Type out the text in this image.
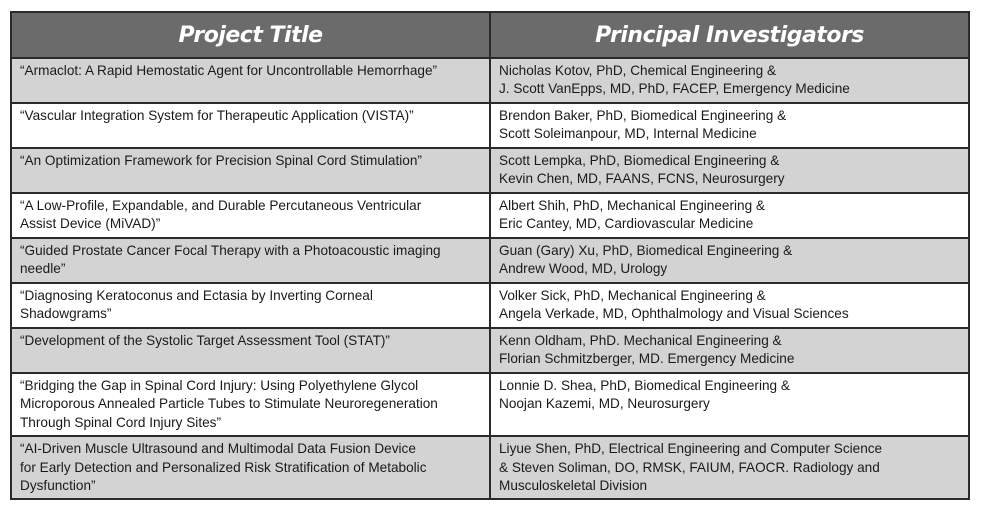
Project Title	Principal Investigators

“Armaclot: A Rapid Hemostatic Agent for Uncontrollable Hemorrhage”	Nicholas Kotov, PhD, Chemical Engineering &
J. Scott VanEpps, MD, PhD, FACEP, Emergency Medicine

“Vascular Integration System for Therapeutic Application (VISTA)”	Brendon Baker, PhD, Biomedical Engineering &
Scott Soleimanpour, MD, Internal Medicine

“An Optimization Framework for Precision Spinal Cord Stimulation”	Scott Lempka, PhD, Biomedical Engineering &
Kevin Chen, MD, FAANS, FCNS, Neurosurgery

“A Low-Profile, Expandable, and Durable Percutaneous Ventricular
Assist Device (MiVAD)”	Albert Shih, PhD, Mechanical Engineering &
Eric Cantey, MD, Cardiovascular Medicine

“Guided Prostate Cancer Focal Therapy with a Photoacoustic imaging
needle”	Guan (Gary) Xu, PhD, Biomedical Engineering &
Andrew Wood, MD, Urology

“Diagnosing Keratoconus and Ectasia by Inverting Corneal
Shadowgrams”	Volker Sick, PhD, Mechanical Engineering &
Angela Verkade, MD, Ophthalmology and Visual Sciences

“Development of the Systolic Target Assessment Tool (STAT)”	Kenn Oldham, PhD. Mechanical Engineering &
Florian Schmitzberger, MD. Emergency Medicine

“Bridging the Gap in Spinal Cord Injury: Using Polyethylene Glycol
Microporous Annealed Particle Tubes to Stimulate Neuroregeneration
Through Spinal Cord Injury Sites”	Lonnie D. Shea, PhD, Biomedical Engineering &
Noojan Kazemi, MD, Neurosurgery

“AI-Driven Muscle Ultrasound and Multimodal Data Fusion Device
for Early Detection and Personalized Risk Stratification of Metabolic
Dysfunction”	Liyue Shen, PhD, Electrical Engineering and Computer Science
& Steven Soliman, DO, RMSK, FAIUM, FAOCR. Radiology and
Musculoskeletal Division
